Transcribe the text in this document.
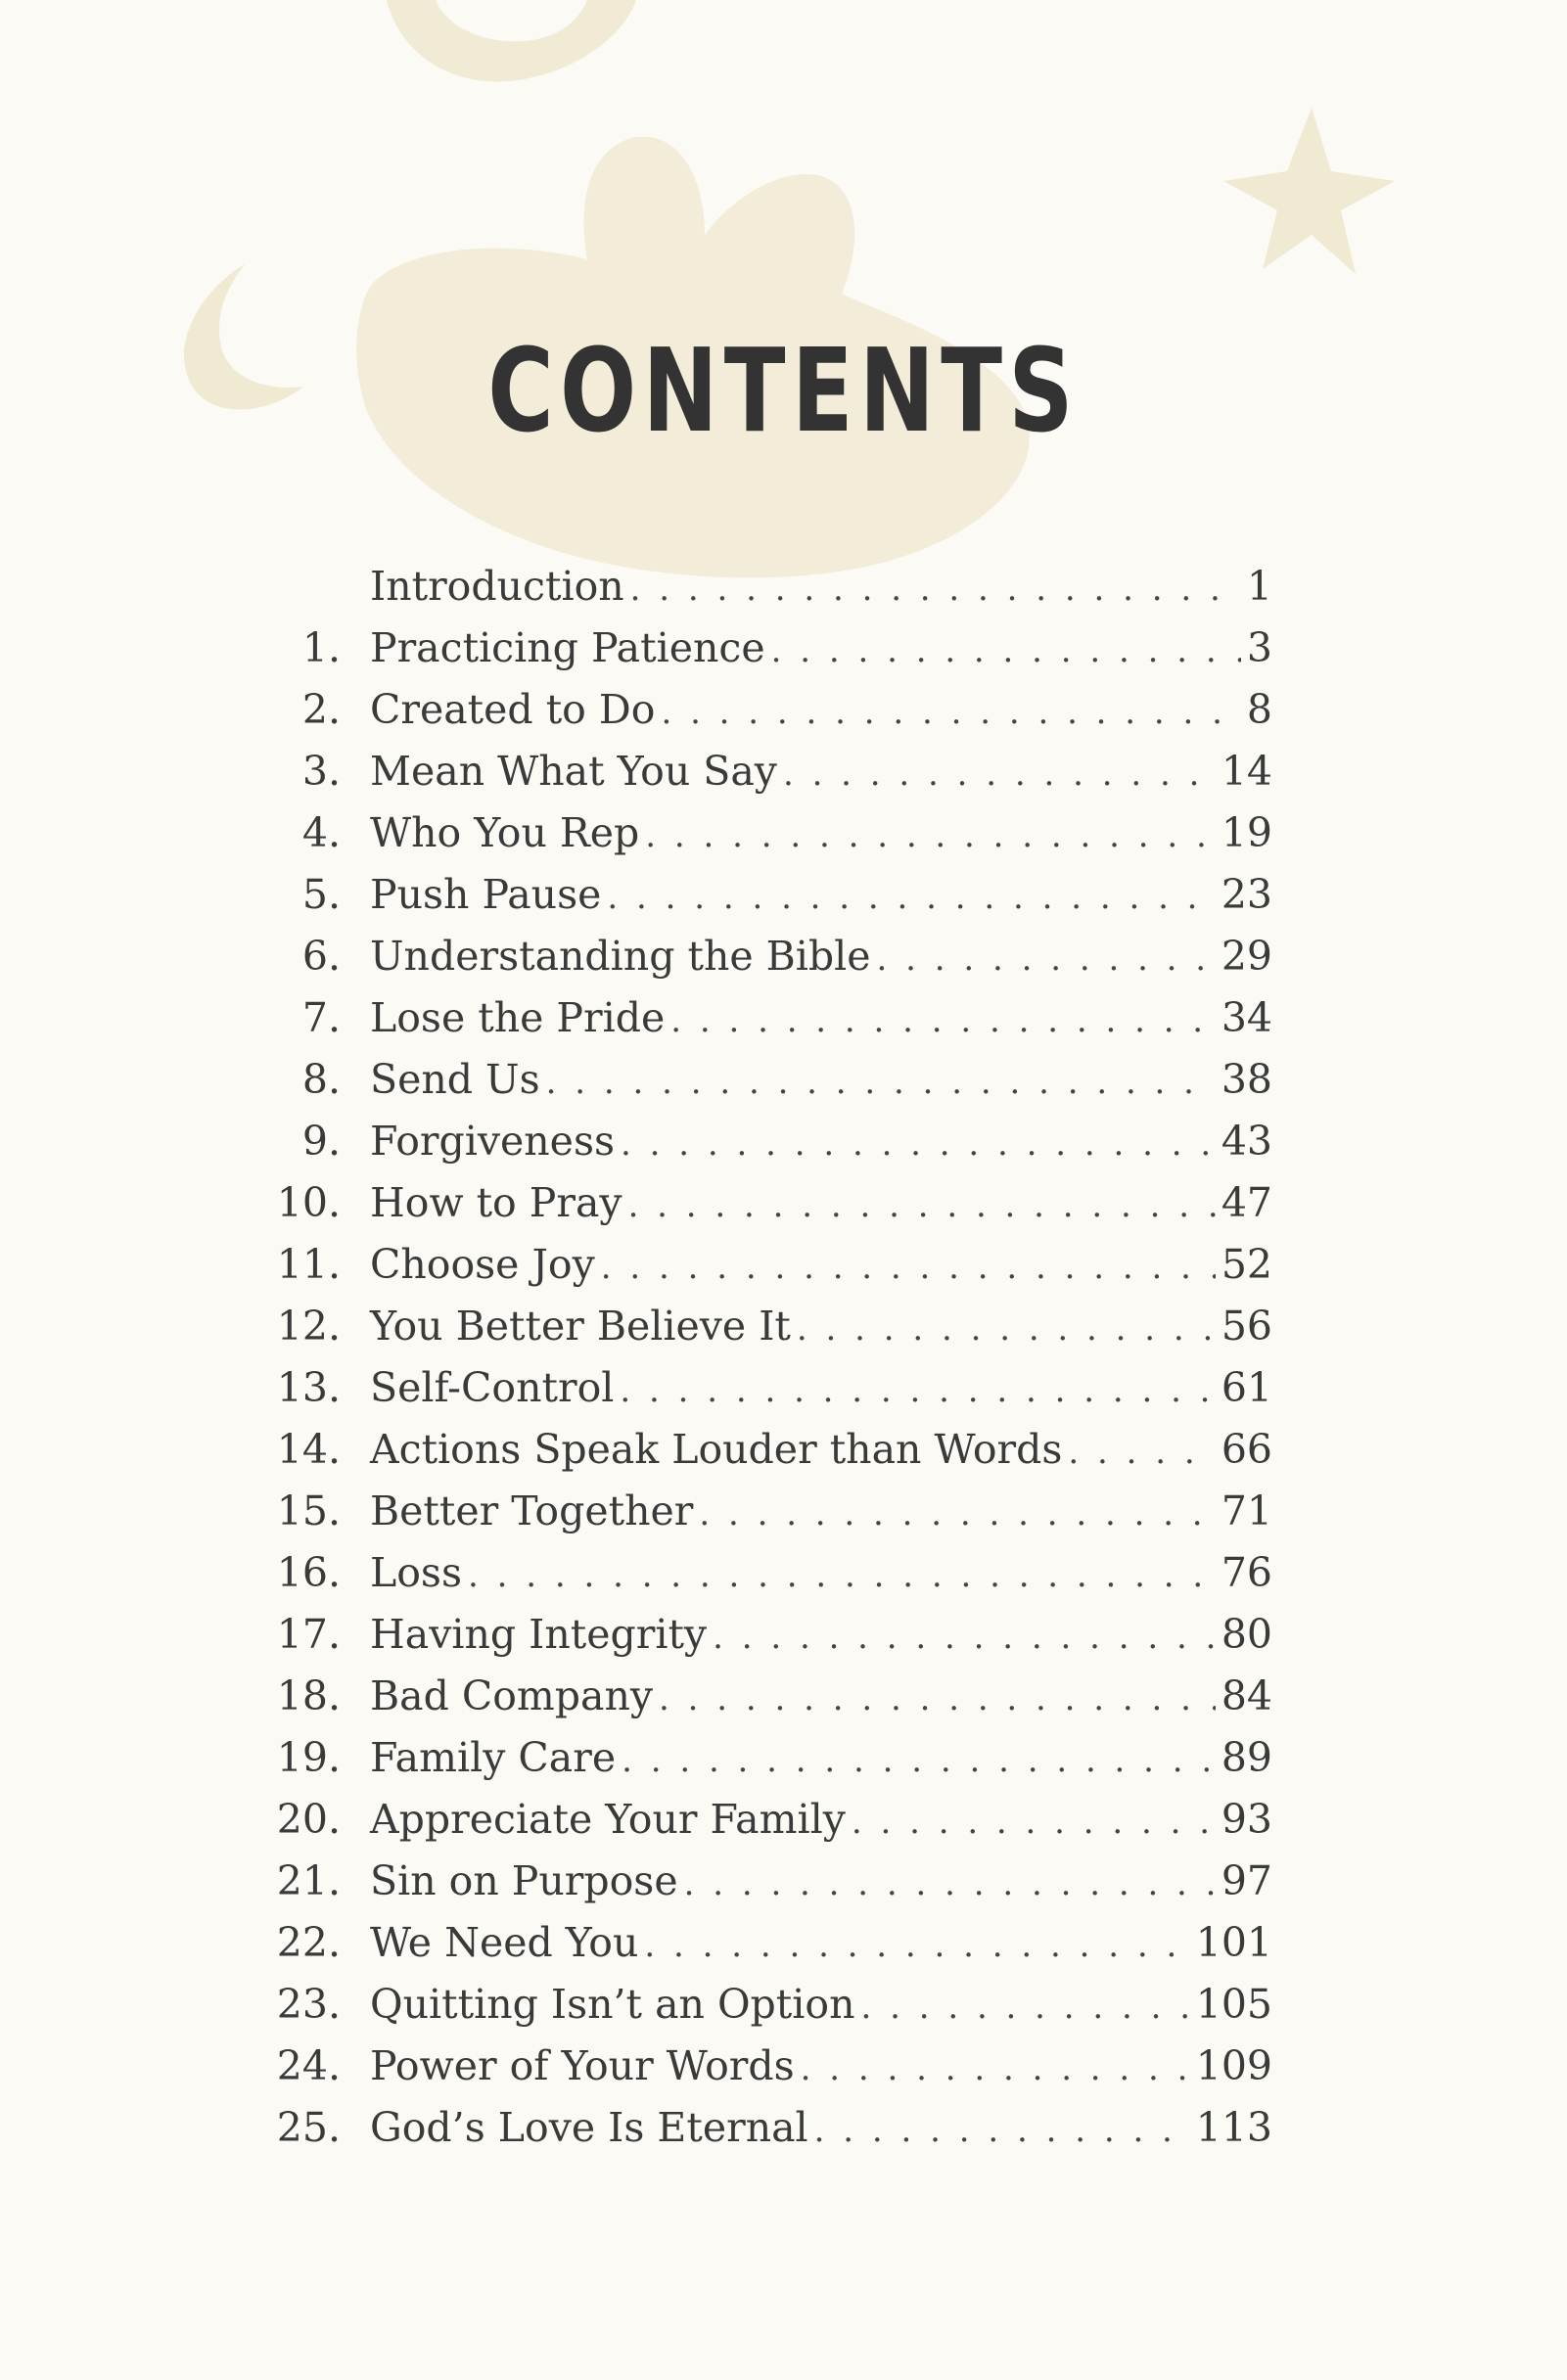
CONTENTS
Introduction . . .	1
1. Practicing Patience . . .	3
2. Created to Do . . .	8
3. Mean What You Say . . .	14
4. Who You Rep . . .	19
5. Push Pause . . .	23
6. Understanding the Bible . . .	29
7. Lose the Pride . . .	34
8. Send Us . . .	38
9. Forgiveness . . .	43
10. How to Pray . . .	47
11. Choose Joy . . .	52
12. You Better Believe It . . .	56
13. Self-Control . . .	61
14. Actions Speak Louder than Words . . .	66
15. Better Together . . .	71
16. Loss . . .	76
17. Having Integrity . . .	80
18. Bad Company . . .	84
19. Family Care . . .	89
20. Appreciate Your Family . . .	93
21. Sin on Purpose . . .	97
22. We Need You . . .	101
23. Quitting Isn’t an Option . . .	105
24. Power of Your Words . . .	109
25. God’s Love Is Eternal . . .	113
